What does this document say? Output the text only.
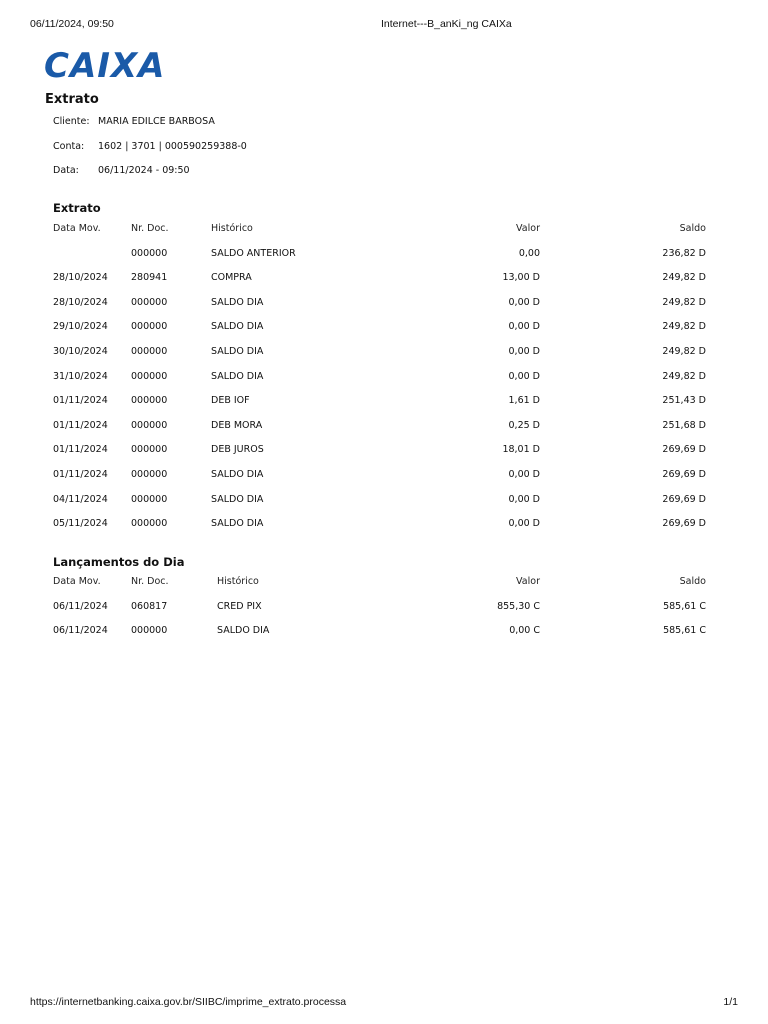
06/11/2024, 09:50	Internet---B_anKi_ng CAIXa
CAIXA
Extrato
Cliente: MARIA EDILCE BARBOSA
Conta: 1602 | 3701 | 000590259388-0
Data: 06/11/2024 - 09:50
Extrato
Data Mov.	Nr. Doc.	Histórico	Valor	Saldo
000000	SALDO ANTERIOR	0,00	236,82 D
28/10/2024 280941	COMPRA	13,00 D	249,82 D
28/10/2024 000000	SALDO DIA	0,00 D	249,82 D
29/10/2024 000000	SALDO DIA	0,00 D	249,82 D
30/10/2024 000000	SALDO DIA	0,00 D	249,82 D
31/10/2024 000000	SALDO DIA	0,00 D	249,82 D
01/11/2024 000000	DEB IOF	1,61 D	251,43 D
01/11/2024 000000	DEB MORA	0,25 D	251,68 D
01/11/2024 000000	DEB JUROS	18,01 D	269,69 D
01/11/2024 000000	SALDO DIA	0,00 D	269,69 D
04/11/2024 000000	SALDO DIA	0,00 D	269,69 D
05/11/2024 000000	SALDO DIA	0,00 D	269,69 D
Lançamentos do Dia
Data Mov.	Nr. Doc.	Histórico	Valor	Saldo
06/11/2024 060817	CRED PIX	855,30 C	585,61 C
06/11/2024 000000	SALDO DIA	0,00 C	585,61 C
https://internetbanking.caixa.gov.br/SIIBC/imprime_extrato.processa	1/1
